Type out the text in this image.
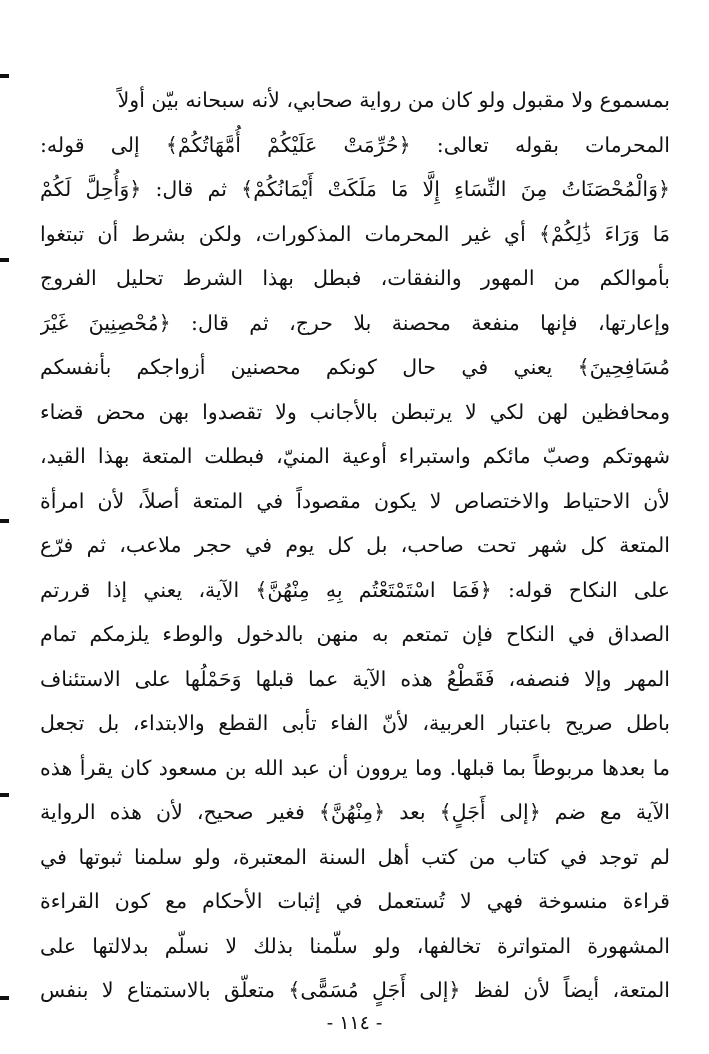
بمسموع ولا مقبول ولو كان من رواية صحابي، لأنه سبحانه بيّن أولاً
المحرمات بقوله تعالى: ﴿حُرِّمَتْ عَلَيْكُمْ أُمَّهَاتُكُمْ﴾ إلى قوله:
﴿وَالْمُحْصَنَاتُ مِنَ النِّسَاءِ إِلَّا مَا مَلَكَتْ أَيْمَانُكُمْ﴾ ثم قال: ﴿وَأُحِلَّ لَكُمْ
مَا وَرَاءَ ذَٰلِكُمْ﴾ أي غير المحرمات المذكورات، ولكن بشرط أن تبتغوا
بأموالكم من المهور والنفقات، فبطل بهذا الشرط تحليل الفروج
وإعارتها، فإنها منفعة محصنة بلا حرج، ثم قال: ﴿مُحْصِنِينَ غَيْرَ
مُسَافِحِينَ﴾ يعني في حال كونكم محصنين أزواجكم بأنفسكم
ومحافظين لهن لكي لا يرتبطن بالأجانب ولا تقصدوا بهن محض قضاء
شهوتكم وصبّ مائكم واستبراء أوعية المنيّ، فبطلت المتعة بهذا القيد،
لأن الاحتياط والاختصاص لا يكون مقصوداً في المتعة أصلاً، لأن امرأة
المتعة كل شهر تحت صاحب، بل كل يوم في حجر ملاعب، ثم فرّع
على النكاح قوله: ﴿فَمَا اسْتَمْتَعْتُم بِهِ مِنْهُنَّ﴾ الآية، يعني إذا قررتم
الصداق في النكاح فإن تمتعم به منهن بالدخول والوطء يلزمكم تمام
المهر وإلا فنصفه، فَقَطْعُ هذه الآية عما قبلها وَحَمْلُها على الاستئناف
باطل صريح باعتبار العربية، لأنّ الفاء تأبى القطع والابتداء، بل تجعل
ما بعدها مربوطاً بما قبلها. وما يروون أن عبد الله بن مسعود كان يقرأ هذه
الآية مع ضم ﴿إلى أَجَلٍ﴾ بعد ﴿مِنْهُنَّ﴾ فغير صحيح، لأن هذه الرواية
لم توجد في كتاب من كتب أهل السنة المعتبرة، ولو سلمنا ثبوتها في
قراءة منسوخة فهي لا تُستعمل في إثبات الأحكام مع كون القراءة
المشهورة المتواترة تخالفها، ولو سلّمنا بذلك لا نسلّم بدلالتها على
المتعة، أيضاً لأن لفظ ﴿إلى أَجَلٍ مُسَمًّى﴾ متعلّق بالاستمتاع لا بنفس
- ١١٤ -
